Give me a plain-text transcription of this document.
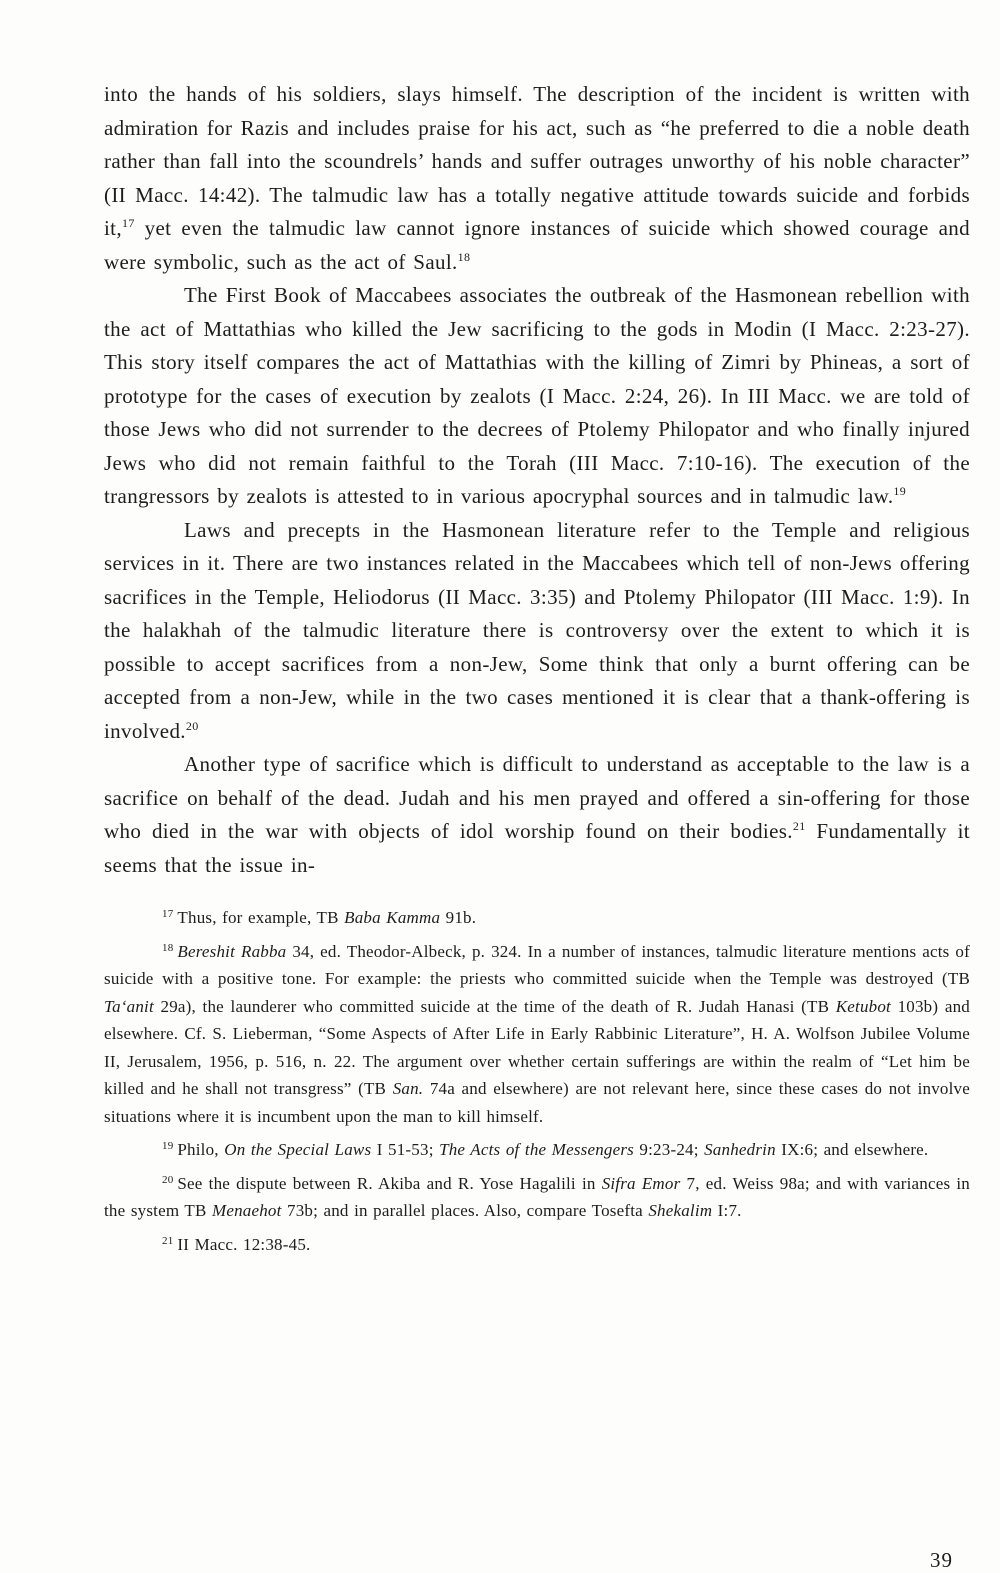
into the hands of his soldiers, slays himself. The description of the incident is written with admiration for Razis and includes praise for his act, such as “he preferred to die a noble death rather than fall into the scoundrels’ hands and suffer outrages unworthy of his noble character” (II Macc. 14:42). The talmudic law has a totally negative attitude towards suicide and forbids it,$^{17}$ yet even the talmudic law cannot ignore instances of suicide which showed courage and were symbolic, such as the act of Saul.$^{18}$

The First Book of Maccabees associates the outbreak of the Hasmonean rebellion with the act of Mattathias who killed the Jew sacrificing to the gods in Modin (I Macc. 2:23-27). This story itself compares the act of Mattathias with the killing of Zimri by Phineas, a sort of prototype for the cases of execution by zealots (I Macc. 2:24, 26). In III Macc. we are told of those Jews who did not surrender to the decrees of Ptolemy Philopator and who finally injured Jews who did not remain faithful to the Torah (III Macc. 7:10-16). The execution of the trangressors by zealots is attested to in various apocryphal sources and in talmudic law.$^{19}$

Laws and precepts in the Hasmonean literature refer to the Temple and religious services in it. There are two instances related in the Maccabees which tell of non-Jews offering sacrifices in the Temple, Heliodorus (II Macc. 3:35) and Ptolemy Philopator (III Macc. 1:9). In the halakhah of the talmudic literature there is controversy over the extent to which it is possible to accept sacrifices from a non-Jew, Some think that only a burnt offering can be accepted from a non-Jew, while in the two cases mentioned it is clear that a thank-offering is involved.$^{20}$

Another type of sacrifice which is difficult to understand as acceptable to the law is a sacrifice on behalf of the dead. Judah and his men prayed and offered a sin-offering for those who died in the war with objects of idol worship found on their bodies.$^{21}$ Fundamentally it seems that the issue in-

$^{17}$ Thus, for example, TB Baba Kamma 91b.

$^{18}$ Bereshit Rabba 34, ed. Theodor-Albeck, p. 324. In a number of instances, talmudic literature mentions acts of suicide with a positive tone. For example: the priests who committed suicide when the Temple was destroyed (TB Ta‘anit 29a), the launderer who committed suicide at the time of the death of R. Judah Hanasi (TB Ketubot 103b) and elsewhere. Cf. S. Lieberman, “Some Aspects of After Life in Early Rabbinic Literature”, H. A. Wolfson Jubilee Volume II, Jerusalem, 1956, p. 516, n. 22. The argument over whether certain sufferings are within the realm of “Let him be killed and he shall not transgress” (TB San. 74a and elsewhere) are not relevant here, since these cases do not involve situations where it is incumbent upon the man to kill himself.

$^{19}$ Philo, On the Special Laws I 51-53; The Acts of the Messengers 9:23-24; Sanhedrin IX:6; and elsewhere.

$^{20}$ See the dispute between R. Akiba and R. Yose Hagalili in Sifra Emor 7, ed. Weiss 98a; and with variances in the system TB Menaehot 73b; and in parallel places. Also, compare Tosefta Shekalim I:7.

$^{21}$ II Macc. 12:38-45.

39
